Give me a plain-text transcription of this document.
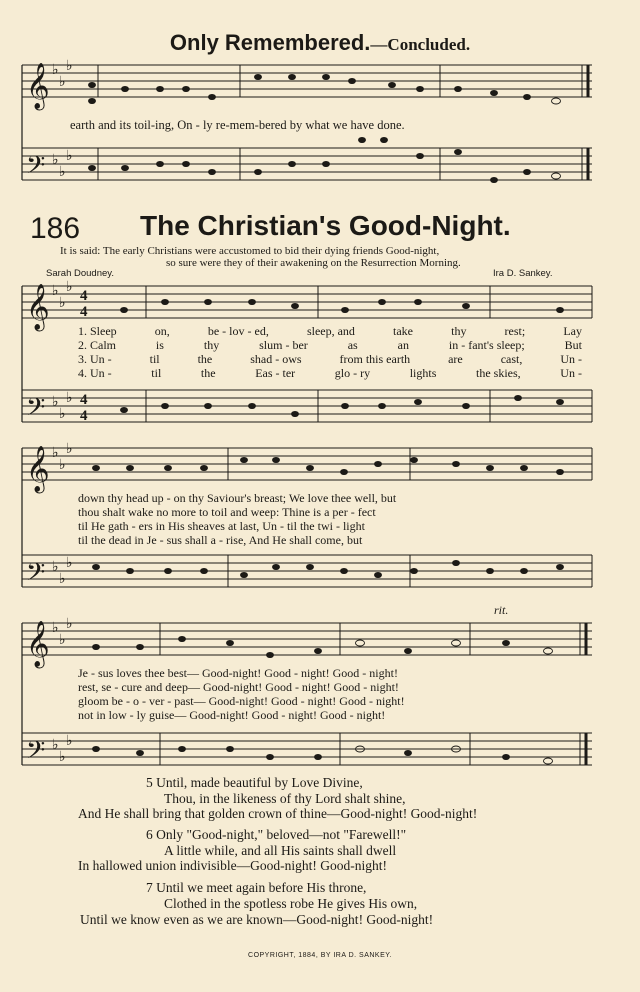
Only Remembered.—Concluded.
186 The Christian's Good-Night.
It is said: The early Christians were accustomed to bid their dying friends Good-night,
so sure were they of their awakening on the Resurrection Morning.
Sarah Doudney.	Ira D. Sankey.
𝄞
𝄞
𝄞
𝄞
𝄢
𝄢
𝄢
𝄢
♭
♭
♭
♭
♭
♭
♭
♭
♭
♭
♭
♭
♭
♭
♭
♭
♭
♭
♭
♭
♭
♭
♭
♭
4
4
4
4
earth and its toil-ing, On - ly re-mem-bered by what we have done.
1. Sleep	on,	be - lov - ed,	sleep, and	take	thy	rest;	Lay
2. Calm	is	thy	slum - ber	as	an	in - fant's sleep;	But
3. Un -	til	the	shad - ows	from this earth	are	cast,	Un -
4. Un -	til	the	Eas - ter	glo - ry	lights	the skies,	Un -
down thy head up - on thy Saviour's breast; We love thee well, but
thou shalt wake no more to toil and weep: Thine is a per - fect
til He gath - ers in His sheaves at last, Un - til the twi - light
til the dead in Je - sus shall a - rise, And He shall come, but
rit.
Je - sus loves thee best— Good-night! Good - night! Good - night!
rest, se - cure and deep— Good-night! Good - night! Good - night!
gloom be - o - ver - past— Good-night! Good - night! Good - night!
not in low - ly guise— Good-night! Good - night! Good - night!
5 Until, made beautiful by Love Divine,
Thou, in the likeness of thy Lord shalt shine,
And He shall bring that golden crown of thine—Good-night! Good-night!
6 Only "Good-night," beloved—not "Farewell!"
A little while, and all His saints shall dwell
In hallowed union indivisible—Good-night! Good-night!
7 Until we meet again before His throne,
Clothed in the spotless robe He gives His own,
Until we know even as we are known—Good-night! Good-night!
COPYRIGHT, 1884, BY IRA D. SANKEY.
